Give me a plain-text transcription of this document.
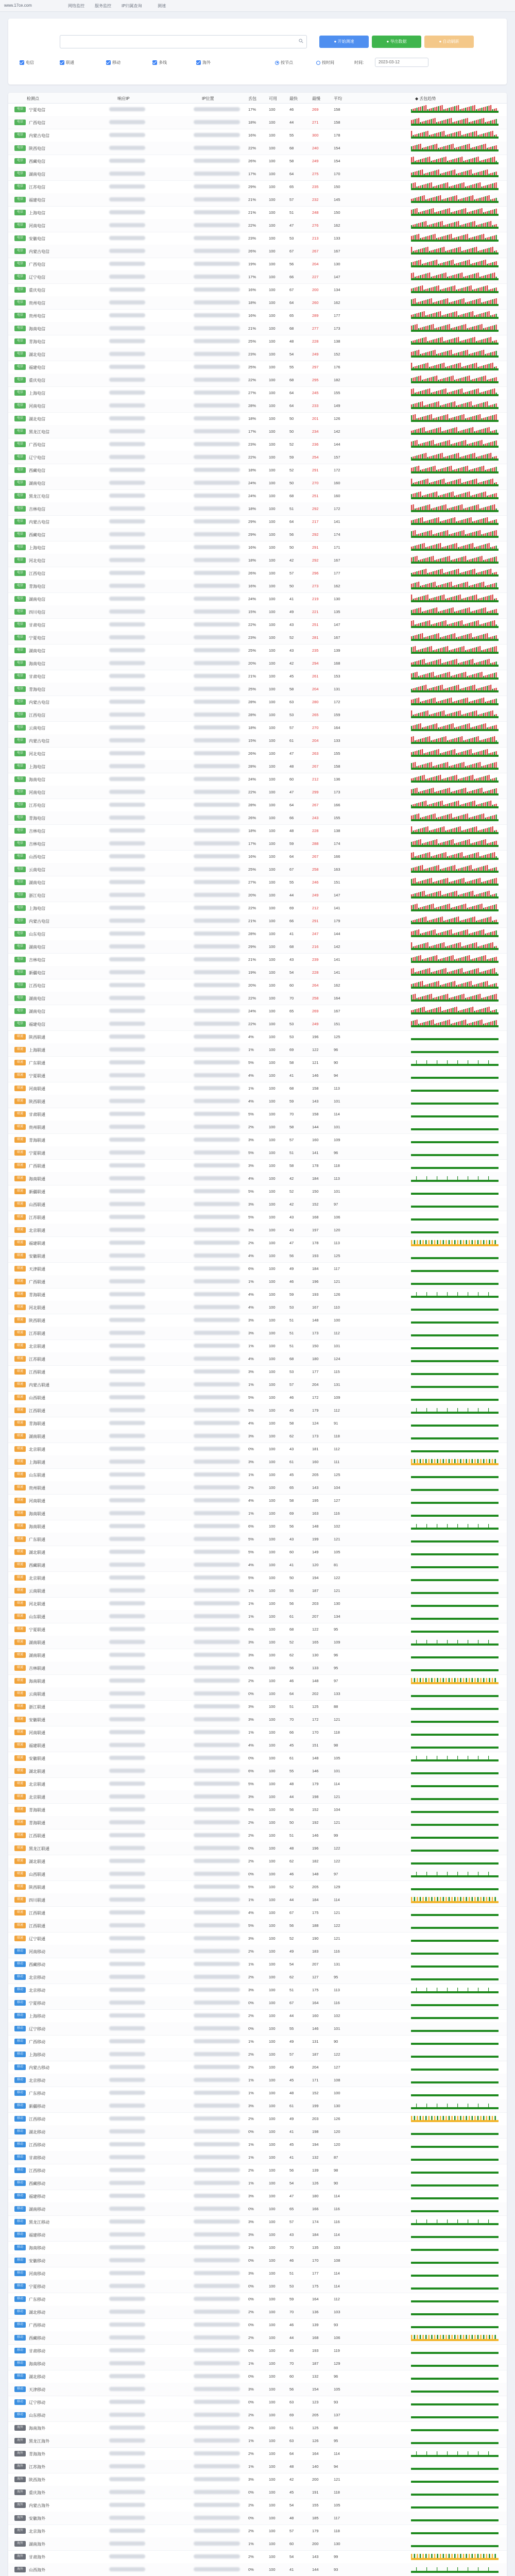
www.17ce.com	网络监控	服务监控	IP归属查询	测速
● 开始测速	● 导出数据	● 自动刷新
电信	联通	移动	多线	海外	按节点	按时间	时间:	2023-03-12
检测点	响应IP	IP位置	丢包	可用	最快	最慢	平均	◆ 丢包趋势
电信	宁夏电信	17%	100	46	269	158
电信	广西电信	18%	100	44	271	158
电信	内蒙古电信	16%	100	55	300	178
电信	陕西电信	22%	100	68	240	154
电信	西藏电信	26%	100	58	249	154
电信	湖南电信	17%	100	64	275	170
电信	江苏电信	29%	100	65	235	150
电信	福建电信	21%	100	57	232	145
电信	上海电信	21%	100	51	248	150
电信	河南电信	22%	100	47	276	162
电信	安徽电信	23%	100	53	213	133
电信	内蒙古电信	26%	100	67	267	167
电信	广西电信	19%	100	56	204	130
电信	辽宁电信	17%	100	66	227	147
电信	重庆电信	16%	100	67	200	134
电信	贵州电信	18%	100	64	260	162
电信	贵州电信	16%	100	65	289	177
电信	海南电信	21%	100	68	277	173
电信	青海电信	25%	100	48	228	138
电信	湖北电信	23%	100	54	249	152
电信	福建电信	25%	100	55	297	176
电信	重庆电信	22%	100	68	295	182
电信	上海电信	27%	100	64	245	155
电信	河南电信	28%	100	64	233	149
电信	湖北电信	18%	100	50	201	126
电信	黑龙江电信	17%	100	50	234	142
电信	广西电信	23%	100	52	236	144
电信	辽宁电信	22%	100	59	254	157
电信	西藏电信	18%	100	52	291	172
电信	湖南电信	24%	100	50	270	160
电信	黑龙江电信	24%	100	68	251	160
电信	吉林电信	18%	100	51	292	172
电信	内蒙古电信	29%	100	64	217	141
电信	西藏电信	29%	100	56	292	174
电信	上海电信	16%	100	50	291	171
电信	河北电信	18%	100	42	292	167
电信	江西电信	26%	100	57	296	177
电信	青海电信	16%	100	50	273	162
电信	湖南电信	24%	100	41	219	130
电信	四川电信	15%	100	49	221	135
电信	甘肃电信	22%	100	43	251	147
电信	宁夏电信	23%	100	52	281	167
电信	湖南电信	25%	100	43	235	139
电信	海南电信	20%	100	42	294	168
电信	甘肃电信	21%	100	45	261	153
电信	青海电信	25%	100	58	204	131
电信	内蒙古电信	28%	100	63	280	172
电信	江西电信	28%	100	53	265	159
电信	云南电信	18%	100	57	270	164
电信	内蒙古电信	15%	100	61	204	133
电信	河北电信	26%	100	47	263	155
电信	上海电信	28%	100	48	267	158
电信	海南电信	24%	100	60	212	136
电信	河南电信	22%	100	47	299	173
电信	江苏电信	28%	100	64	267	166
电信	青海电信	26%	100	66	243	155
电信	吉林电信	18%	100	48	228	138
电信	吉林电信	17%	100	59	288	174
电信	山西电信	16%	100	64	267	166
电信	云南电信	25%	100	67	258	163
电信	湖南电信	27%	100	55	246	151
电信	浙江电信	20%	100	44	249	147
电信	上海电信	22%	100	69	212	141
电信	内蒙古电信	21%	100	66	291	179
电信	山东电信	28%	100	41	247	144
电信	湖南电信	29%	100	68	216	142
电信	吉林电信	21%	100	43	239	141
电信	新疆电信	19%	100	54	228	141
电信	江西电信	20%	100	60	264	162
电信	湖南电信	22%	100	70	258	164
电信	湖南电信	24%	100	65	269	167
电信	福建电信	22%	100	53	249	151
联通	陕西联通	4%	100	53	196	125
联通	上海联通	1%	100	69	122	96
联通	广东联通	5%	100	58	121	90
联通	宁夏联通	4%	100	41	146	94
联通	河南联通	1%	100	68	158	113
联通	陕西联通	4%	100	59	143	101
联通	甘肃联通	5%	100	70	158	114
联通	贵州联通	2%	100	58	144	101
联通	青海联通	3%	100	57	160	109
联通	宁夏联通	5%	100	51	141	96
联通	广西联通	3%	100	58	178	118
联通	海南联通	4%	100	42	184	113
联通	新疆联通	5%	100	52	150	101
联通	山西联通	3%	100	42	152	97
联通	江苏联通	5%	100	43	168	106
联通	北京联通	3%	100	43	197	120
联通	福建联通	2%	100	47	178	113
联通	安徽联通	4%	100	56	193	125
联通	天津联通	6%	100	49	184	117
联通	广西联通	1%	100	46	196	121
联通	青海联通	4%	100	59	193	126
联通	河北联通	4%	100	53	167	110
联通	陕西联通	3%	100	51	148	100
联通	江苏联通	3%	100	51	173	112
联通	北京联通	1%	100	51	150	101
联通	江苏联通	4%	100	68	180	124
联通	江西联通	3%	100	53	177	115
联通	内蒙古联通	1%	100	57	204	131
联通	山西联通	5%	100	46	172	109
联通	江西联通	5%	100	45	179	112
联通	青海联通	4%	100	58	124	91
联通	湖南联通	3%	100	62	173	118
联通	北京联通	0%	100	43	181	112
联通	上海联通	3%	100	61	160	111
联通	山东联通	1%	100	45	205	125
联通	贵州联通	2%	100	65	143	104
联通	河南联通	4%	100	58	195	127
联通	海南联通	1%	100	69	163	116
联通	海南联通	6%	100	56	148	102
联通	广东联通	5%	100	43	199	121
联通	湖北联通	5%	100	60	149	105
联通	西藏联通	4%	100	41	120	81
联通	北京联通	5%	100	50	194	122
联通	云南联通	1%	100	55	187	121
联通	河北联通	1%	100	56	203	130
联通	山东联通	1%	100	61	207	134
联通	宁夏联通	6%	100	68	122	95
联通	湖南联通	3%	100	52	165	109
联通	湖南联通	3%	100	62	130	96
联通	吉林联通	0%	100	56	133	95
联通	海南联通	2%	100	46	148	97
联通	云南联通	0%	100	64	202	133
联通	浙江联通	3%	100	51	125	88
联通	安徽联通	3%	100	70	172	121
联通	河南联通	1%	100	66	170	118
联通	福建联通	4%	100	45	151	98
联通	安徽联通	0%	100	61	148	105
联通	湖北联通	6%	100	55	146	101
联通	北京联通	5%	100	48	179	114
联通	北京联通	3%	100	44	198	121
联通	青海联通	5%	100	56	152	104
联通	青海联通	2%	100	50	192	121
联通	江西联通	2%	100	51	146	99
联通	黑龙江联通	0%	100	48	196	122
联通	湖北联通	2%	100	62	182	122
联通	山西联通	0%	100	46	148	97
联通	陕西联通	5%	100	52	205	129
联通	四川联通	1%	100	44	184	114
联通	江西联通	4%	100	67	175	121
联通	江西联通	5%	100	56	188	122
联通	辽宁联通	3%	100	52	190	121
移动	河南移动	2%	100	49	183	116
移动	西藏移动	1%	100	54	207	131
移动	北京移动	2%	100	62	127	95
移动	北京移动	3%	100	51	175	113
移动	宁夏移动	0%	100	67	164	116
移动	上海移动	2%	100	44	160	102
移动	辽宁移动	0%	100	55	146	101
移动	广西移动	1%	100	49	131	90
移动	上海移动	2%	100	57	187	122
移动	内蒙古移动	2%	100	49	204	127
移动	北京移动	1%	100	45	171	108
移动	广东移动	1%	100	48	152	100
移动	新疆移动	3%	100	61	199	130
移动	江西移动	2%	100	49	203	126
移动	湖北移动	0%	100	41	198	120
移动	江西移动	1%	100	45	194	120
移动	甘肃移动	1%	100	41	132	87
移动	江西移动	2%	100	56	139	98
移动	西藏移动	1%	100	54	126	90
移动	福建移动	3%	100	47	180	114
移动	湖南移动	0%	100	65	166	116
移动	黑龙江移动	3%	100	57	174	116
移动	福建移动	3%	100	43	184	114
移动	海南移动	1%	100	70	135	103
移动	安徽移动	0%	100	46	170	108
移动	河南移动	3%	100	51	177	114
移动	宁夏移动	0%	100	53	175	114
移动	广东移动	0%	100	59	164	112
移动	湖北移动	2%	100	70	136	103
移动	广西移动	0%	100	46	139	93
移动	西藏移动	2%	100	44	168	106
移动	甘肃移动	0%	100	45	193	119
移动	海南移动	1%	100	70	187	129
移动	湖北移动	0%	100	60	132	96
移动	天津移动	3%	100	56	154	105
移动	辽宁移动	0%	100	63	123	93
移动	山东移动	2%	100	69	205	137
海外	海南海外	2%	100	51	125	88
海外	黑龙江海外	1%	100	63	126	95
海外	青海海外	2%	100	64	164	114
海外	江苏海外	1%	100	48	140	94
海外	陕西海外	3%	100	42	200	121
海外	重庆海外	0%	100	45	191	118
海外	内蒙古海外	2%	100	54	155	105
海外	安徽海外	0%	100	48	185	117
海外	北京海外	2%	100	57	179	118
海外	湖南海外	1%	100	60	200	130
海外	甘肃海外	2%	100	54	143	99
海外	山西海外	0%	100	41	144	93
